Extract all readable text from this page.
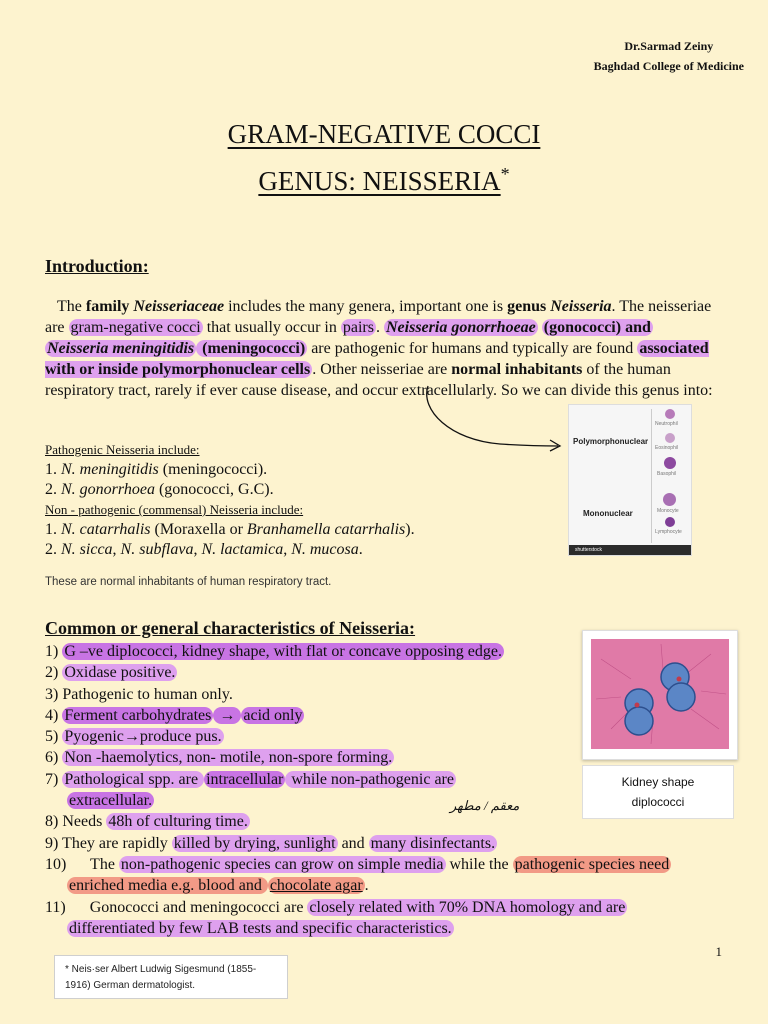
Dr.Sarmad Zeiny
Baghdad College of Medicine
GRAM-NEGATIVE COCCI
GENUS: NEISSERIA*
Introduction:
The family Neisseriaceae includes the many genera, important one is genus Neisseria. The neisseriae are gram-negative cocci that usually occur in pairs . Neisseria gonorrhoeae (gonococci) and Neisseria meningitidis (meningococci) are pathogenic for humans and typically are found associated with or inside polymorphonuclear cells . Other neisseriae are normal inhabitants of the human respiratory tract, rarely if ever cause disease, and occur extracellularly. So we can divide this genus into:
Pathogenic Neisseria include:
1. N. meningitidis (meningococci).
2. N. gonorrhoea (gonococci, G.C).
Non - pathogenic (commensal) Neisseria include:
1. N. catarrhalis (Moraxella or Branhamella catarrhalis).
2. N. sicca, N. subflava, N. lactamica, N. mucosa.
These are normal inhabitants of human respiratory tract.
Polymorphonuclear
Mononuclear
Neutrophil
Eosinophil
Basophil
Monocyte
Lymphocyte
shutterstock
Common or general characteristics of Neisseria:
1) G –ve diplococci, kidney shape, with flat or concave opposing edge.
2) Oxidase positive.
3) Pathogenic to human only.
4) Ferment carbohydrates → acid only
5) Pyogenic→produce pus.
6) Non -haemolytics, non- motile, non-spore forming.
7) Pathological spp. are intracellular while non-pathogenic are
extracellular.
8) Needs 48h of culturing time.
9) They are rapidly killed by drying, sunlight and many disinfectants.
10)      The non-pathogenic species can grow on simple media while the pathogenic species need
enriched media e.g. blood and chocolate agar .
11)      Gonococci and meningococci are closely related with 70% DNA homology and are
differentiated by few LAB tests and specific characteristics.
Kidney shape
diplococci
معقم / مطهر
1
* Neis·ser Albert Ludwig Sigesmund (1855-1916) German dermatologist.
